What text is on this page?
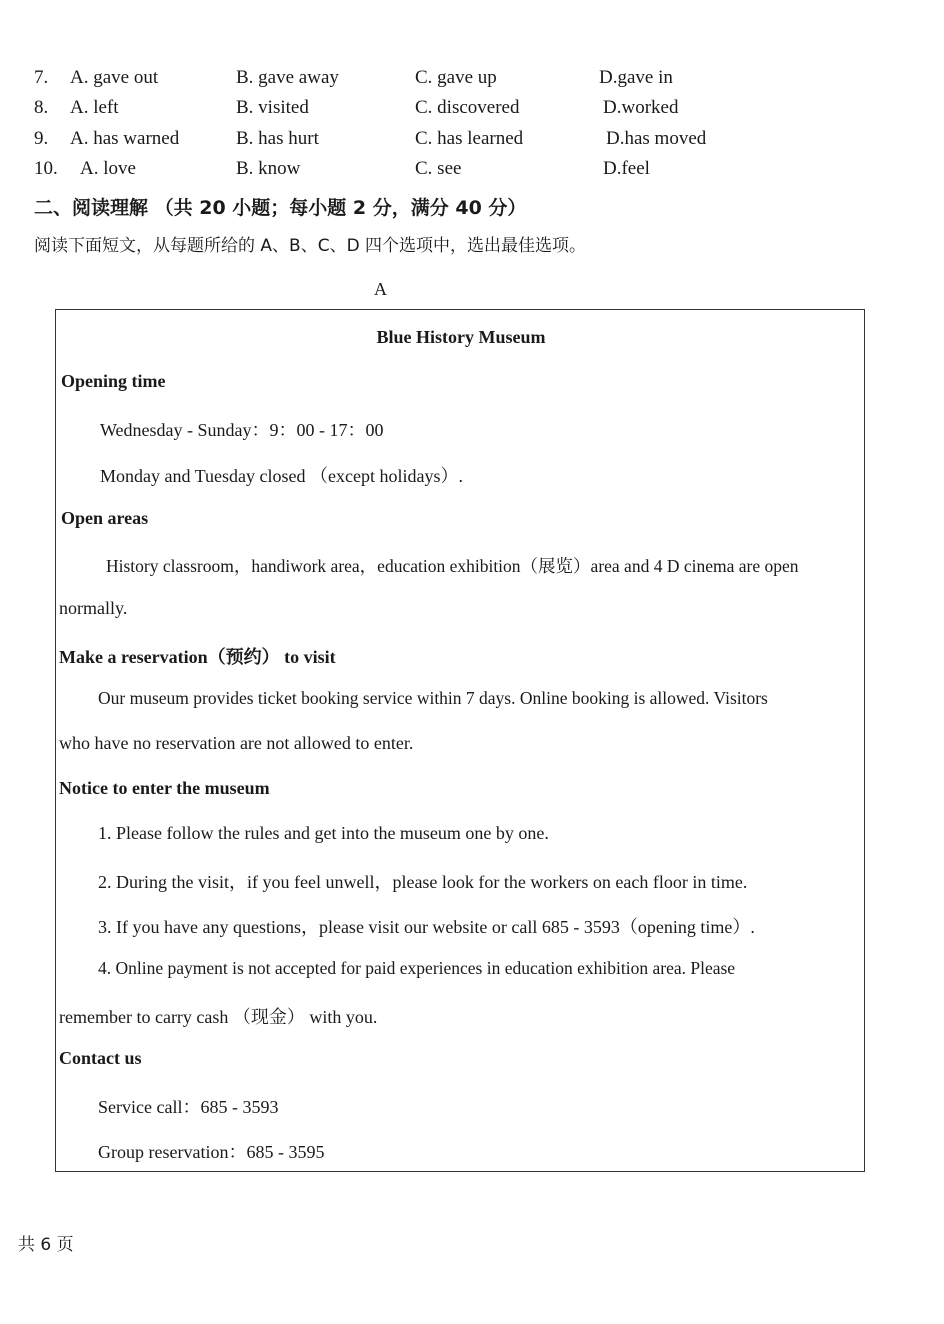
7. A. gave out	B. gave away	C. gave up	D.gave in
8. A. left	B. visited	C. discovered	D.worked
9. A. has warned	B. has hurt	C. has learned	D.has moved
10. A. love	B. know	C. see	D.feel
二、阅读理解 （共 20 小题；每小题 2 分，满分 40 分）
阅读下面短文，从每题所给的 A、B、C、D 四个选项中，选出最佳选项。
A
Blue History Museum
Opening time
Wednesday - Sunday：9：00 - 17：00
Monday and Tuesday closed （except holidays）.
Open areas
History classroom，handiwork area，education exhibition（展览）area and 4 D cinema are open
normally.
Make a reservation（预约） to visit
Our museum provides ticket booking service within 7 days. Online booking is allowed. Visitors
who have no reservation are not allowed to enter.
Notice to enter the museum
1. Please follow the rules and get into the museum one by one.
2. During the visit，if you feel unwell，please look for the workers on each floor in time.
3. If you have any questions，please visit our website or call 685 - 3593（opening time）.
4. Online payment is not accepted for paid experiences in education exhibition area. Please
remember to carry cash （现金） with you.
Contact us
Service call：685 - 3593
Group reservation：685 - 3595
共 6 页
